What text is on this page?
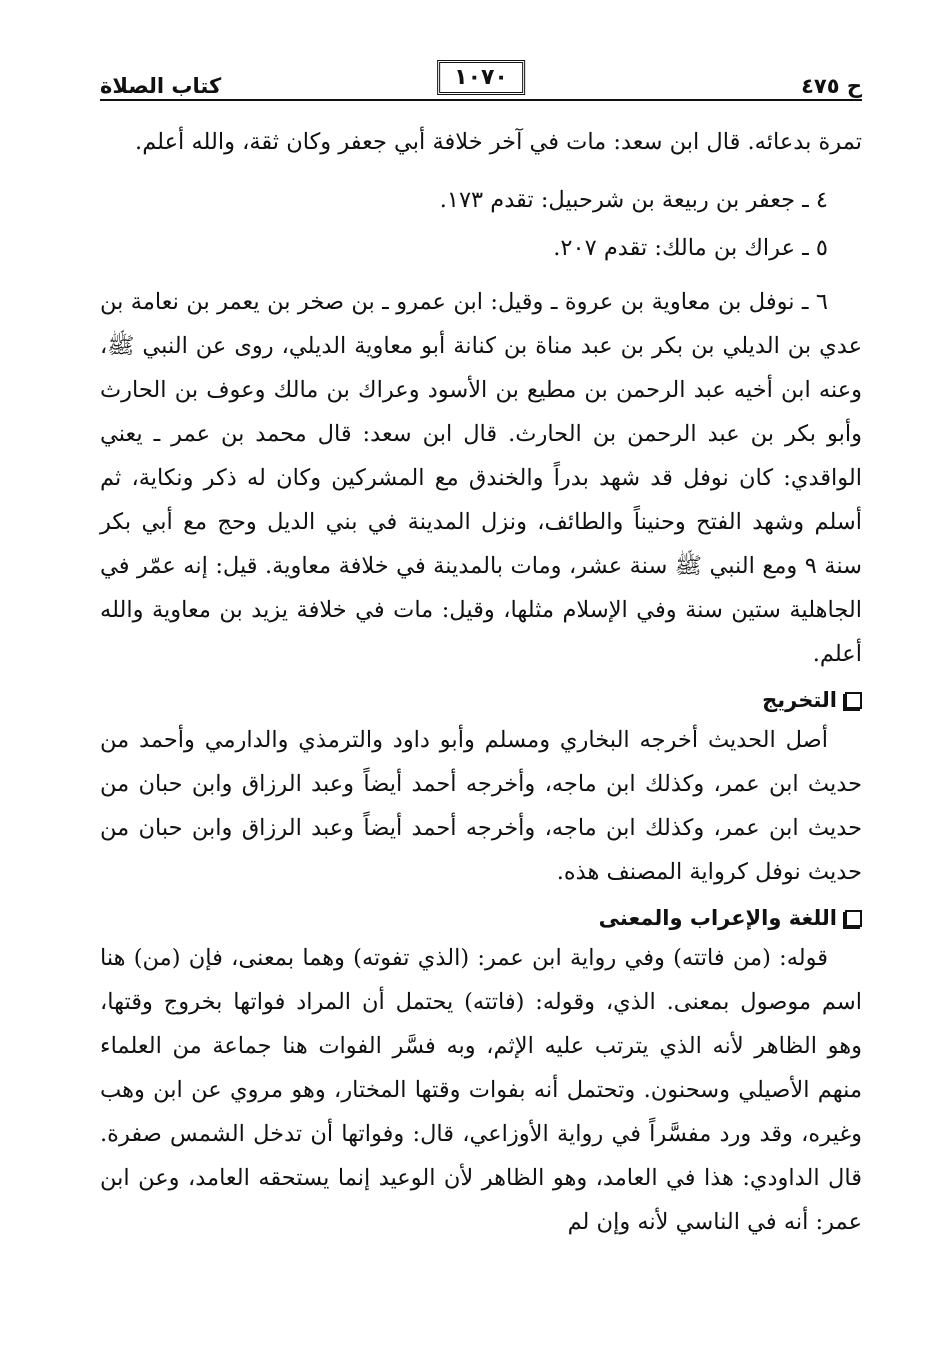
ح ٤٧٥
١٠٧٠
كتاب الصلاة

تمرة بدعائه. قال ابن سعد: مات في آخر خلافة أبي جعفر وكان ثقة، والله أعلم.

٤ ـ جعفر بن ربيعة بن شرحبيل: تقدم ١٧٣.

٥ ـ عراك بن مالك: تقدم ٢٠٧.

٦ ـ نوفل بن معاوية بن عروة ـ وقيل: ابن عمرو ـ بن صخر بن يعمر بن نعامة بن عدي بن الديلي بن بكر بن عبد مناة بن كنانة أبو معاوية الديلي، روى عن النبي ﷺ، وعنه ابن أخيه عبد الرحمن بن مطيع بن الأسود وعراك بن مالك وعوف بن الحارث وأبو بكر بن عبد الرحمن بن الحارث. قال ابن سعد: قال محمد بن عمر ـ يعني الواقدي: كان نوفل قد شهد بدراً والخندق مع المشركين وكان له ذكر ونكاية، ثم أسلم وشهد الفتح وحنيناً والطائف، ونزل المدينة في بني الديل وحج مع أبي بكر سنة ٩ ومع النبي ﷺ سنة عشر، ومات بالمدينة في خلافة معاوية. قيل: إنه عمّر في الجاهلية ستين سنة وفي الإسلام مثلها، وقيل: مات في خلافة يزيد بن معاوية والله أعلم.

التخريج

أصل الحديث أخرجه البخاري ومسلم وأبو داود والترمذي والدارمي وأحمد من حديث ابن عمر، وكذلك ابن ماجه، وأخرجه أحمد أيضاً وعبد الرزاق وابن حبان من حديث ابن عمر، وكذلك ابن ماجه، وأخرجه أحمد أيضاً وعبد الرزاق وابن حبان من حديث نوفل كرواية المصنف هذه.

اللغة والإعراب والمعنى

قوله: (من فاتته) وفي رواية ابن عمر: (الذي تفوته) وهما بمعنى، فإن (من) هنا اسم موصول بمعنى. الذي، وقوله: (فاتته) يحتمل أن المراد فواتها بخروج وقتها، وهو الظاهر لأنه الذي يترتب عليه الإثم، وبه فسَّر الفوات هنا جماعة من العلماء منهم الأصيلي وسحنون. وتحتمل أنه بفوات وقتها المختار، وهو مروي عن ابن وهب وغيره، وقد ورد مفسَّراً في رواية الأوزاعي، قال: وفواتها أن تدخل الشمس صفرة. قال الداودي: هذا في العامد، وهو الظاهر لأن الوعيد إنما يستحقه العامد، وعن ابن عمر: أنه في الناسي لأنه وإن لم
